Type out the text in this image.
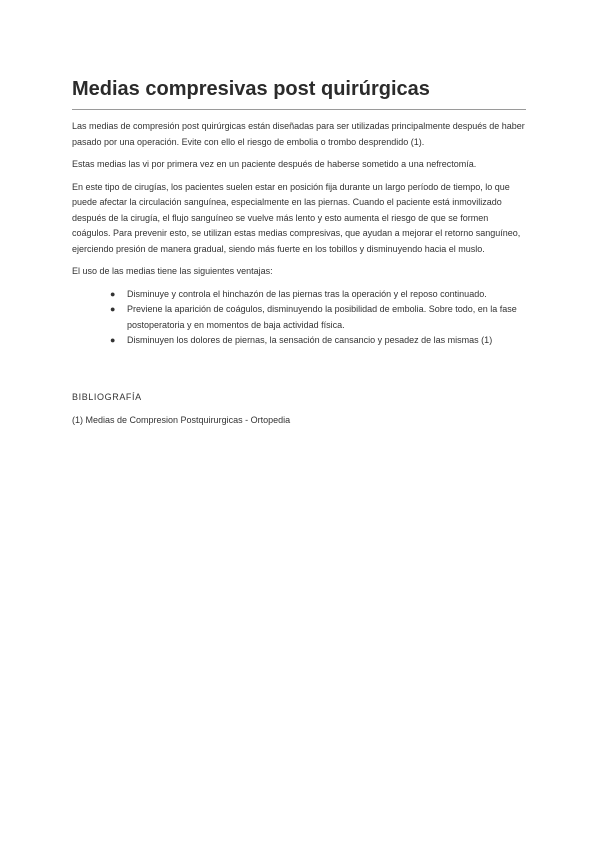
Medias compresivas post quirúrgicas

Las medias de compresión post quirúrgicas están diseñadas para ser utilizadas principalmente después de haber pasado por una operación. Evite con ello el riesgo de embolia o trombo desprendido (1).

Estas medias las vi por primera vez en un paciente después de haberse sometido a una nefrectomía.

En este tipo de cirugías, los pacientes suelen estar en posición fija durante un largo período de tiempo, lo que puede afectar la circulación sanguínea, especialmente en las piernas. Cuando el paciente está inmovilizado después de la cirugía, el flujo sanguíneo se vuelve más lento y esto aumenta el riesgo de que se formen coágulos. Para prevenir esto, se utilizan estas medias compresivas, que ayudan a mejorar el retorno sanguíneo, ejerciendo presión de manera gradual, siendo más fuerte en los tobillos y disminuyendo hacia el muslo.

El uso de las medias tiene las siguientes ventajas:

● Disminuye y controla el hinchazón de las piernas tras la operación y el reposo continuado.
● Previene la aparición de coágulos, disminuyendo la posibilidad de embolia. Sobre todo, en la fase postoperatoria y en momentos de baja actividad física.
● Disminuyen los dolores de piernas, la sensación de cansancio y pesadez de las mismas (1)
BIBLIOGRAFÍA
(1) Medias de Compresion Postquirurgicas - Ortopedia
